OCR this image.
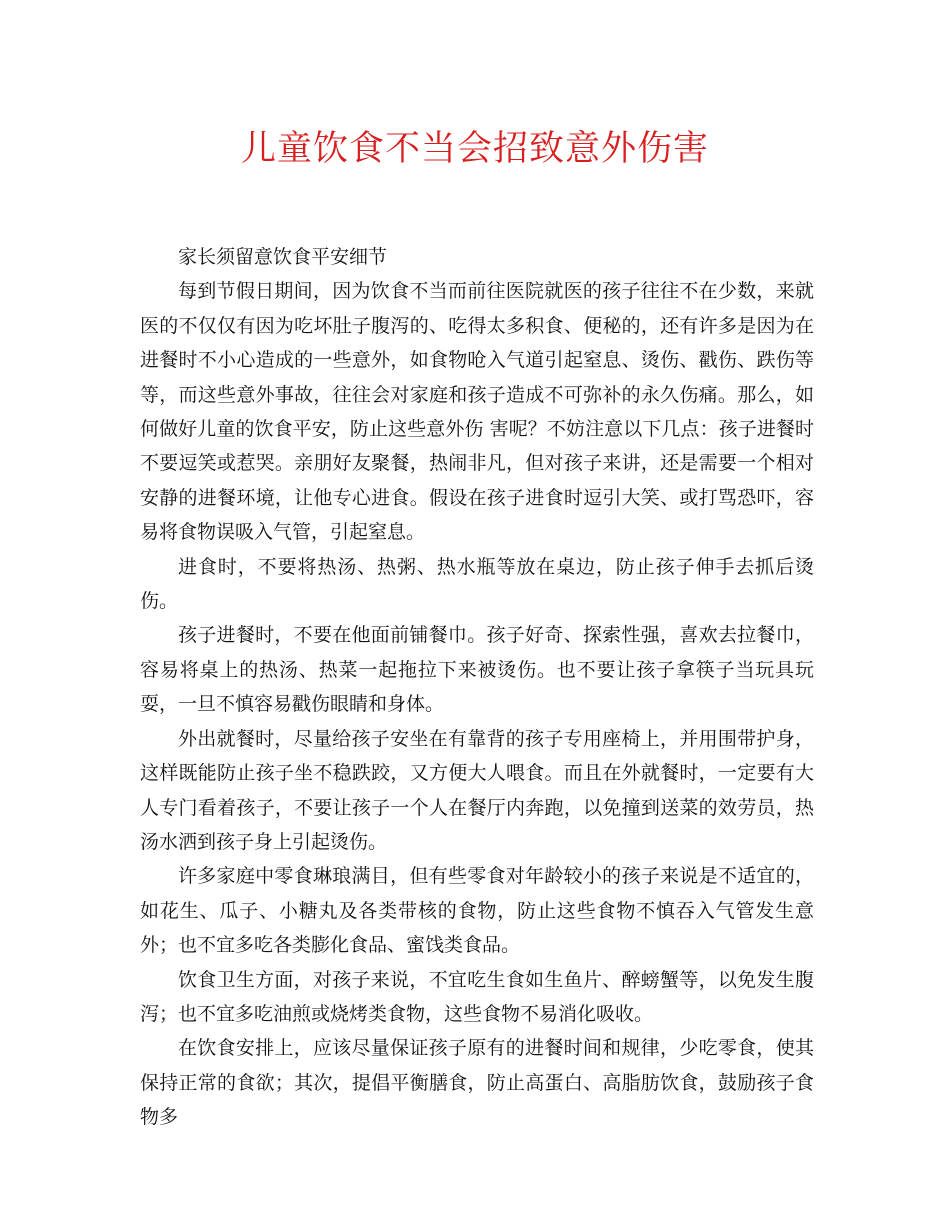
儿童饮食不当会招致意外伤害

家长须留意饮食平安细节

每到节假日期间，因为饮食不当而前往医院就医的孩子往往不在少数，来就医的不仅仅有因为吃坏肚子腹泻的、吃得太多积食、便秘的，还有许多是因为在进餐时不小心造成的一些意外，如食物呛入气道引起窒息、烫伤、戳伤、跌伤等等，而这些意外事故，往往会对家庭和孩子造成不可弥补的永久伤痛。那么，如何做好儿童的饮食平安，防止这些意外伤 害呢？不妨注意以下几点：孩子进餐时不要逗笑或惹哭。亲朋好友聚餐，热闹非凡，但对孩子来讲，还是需要一个相对安静的进餐环境，让他专心进食。假设在孩子进食时逗引大笑、或打骂恐吓，容易将食物误吸入气管，引起窒息。

进食时，不要将热汤、热粥、热水瓶等放在桌边，防止孩子伸手去抓后烫伤。

孩子进餐时，不要在他面前铺餐巾。孩子好奇、探索性强，喜欢去拉餐巾，容易将桌上的热汤、热菜一起拖拉下来被烫伤。也不要让孩子拿筷子当玩具玩耍，一旦不慎容易戳伤眼睛和身体。

外出就餐时，尽量给孩子安坐在有靠背的孩子专用座椅上，并用围带护身，这样既能防止孩子坐不稳跌跤，又方便大人喂食。而且在外就餐时，一定要有大人专门看着孩子，不要让孩子一个人在餐厅内奔跑，以免撞到送菜的效劳员，热汤水洒到孩子身上引起烫伤。

许多家庭中零食琳琅满目，但有些零食对年龄较小的孩子来说是不适宜的，如花生、瓜子、小糖丸及各类带核的食物，防止这些食物不慎吞入气管发生意外；也不宜多吃各类膨化食品、蜜饯类食品。

饮食卫生方面，对孩子来说，不宜吃生食如生鱼片、醉螃蟹等，以免发生腹泻；也不宜多吃油煎或烧烤类食物，这些食物不易消化吸收。

在饮食安排上，应该尽量保证孩子原有的进餐时间和规律，少吃零食，使其保持正常的食欲；其次，提倡平衡膳食，防止高蛋白、高脂肪饮食，鼓励孩子食物多
